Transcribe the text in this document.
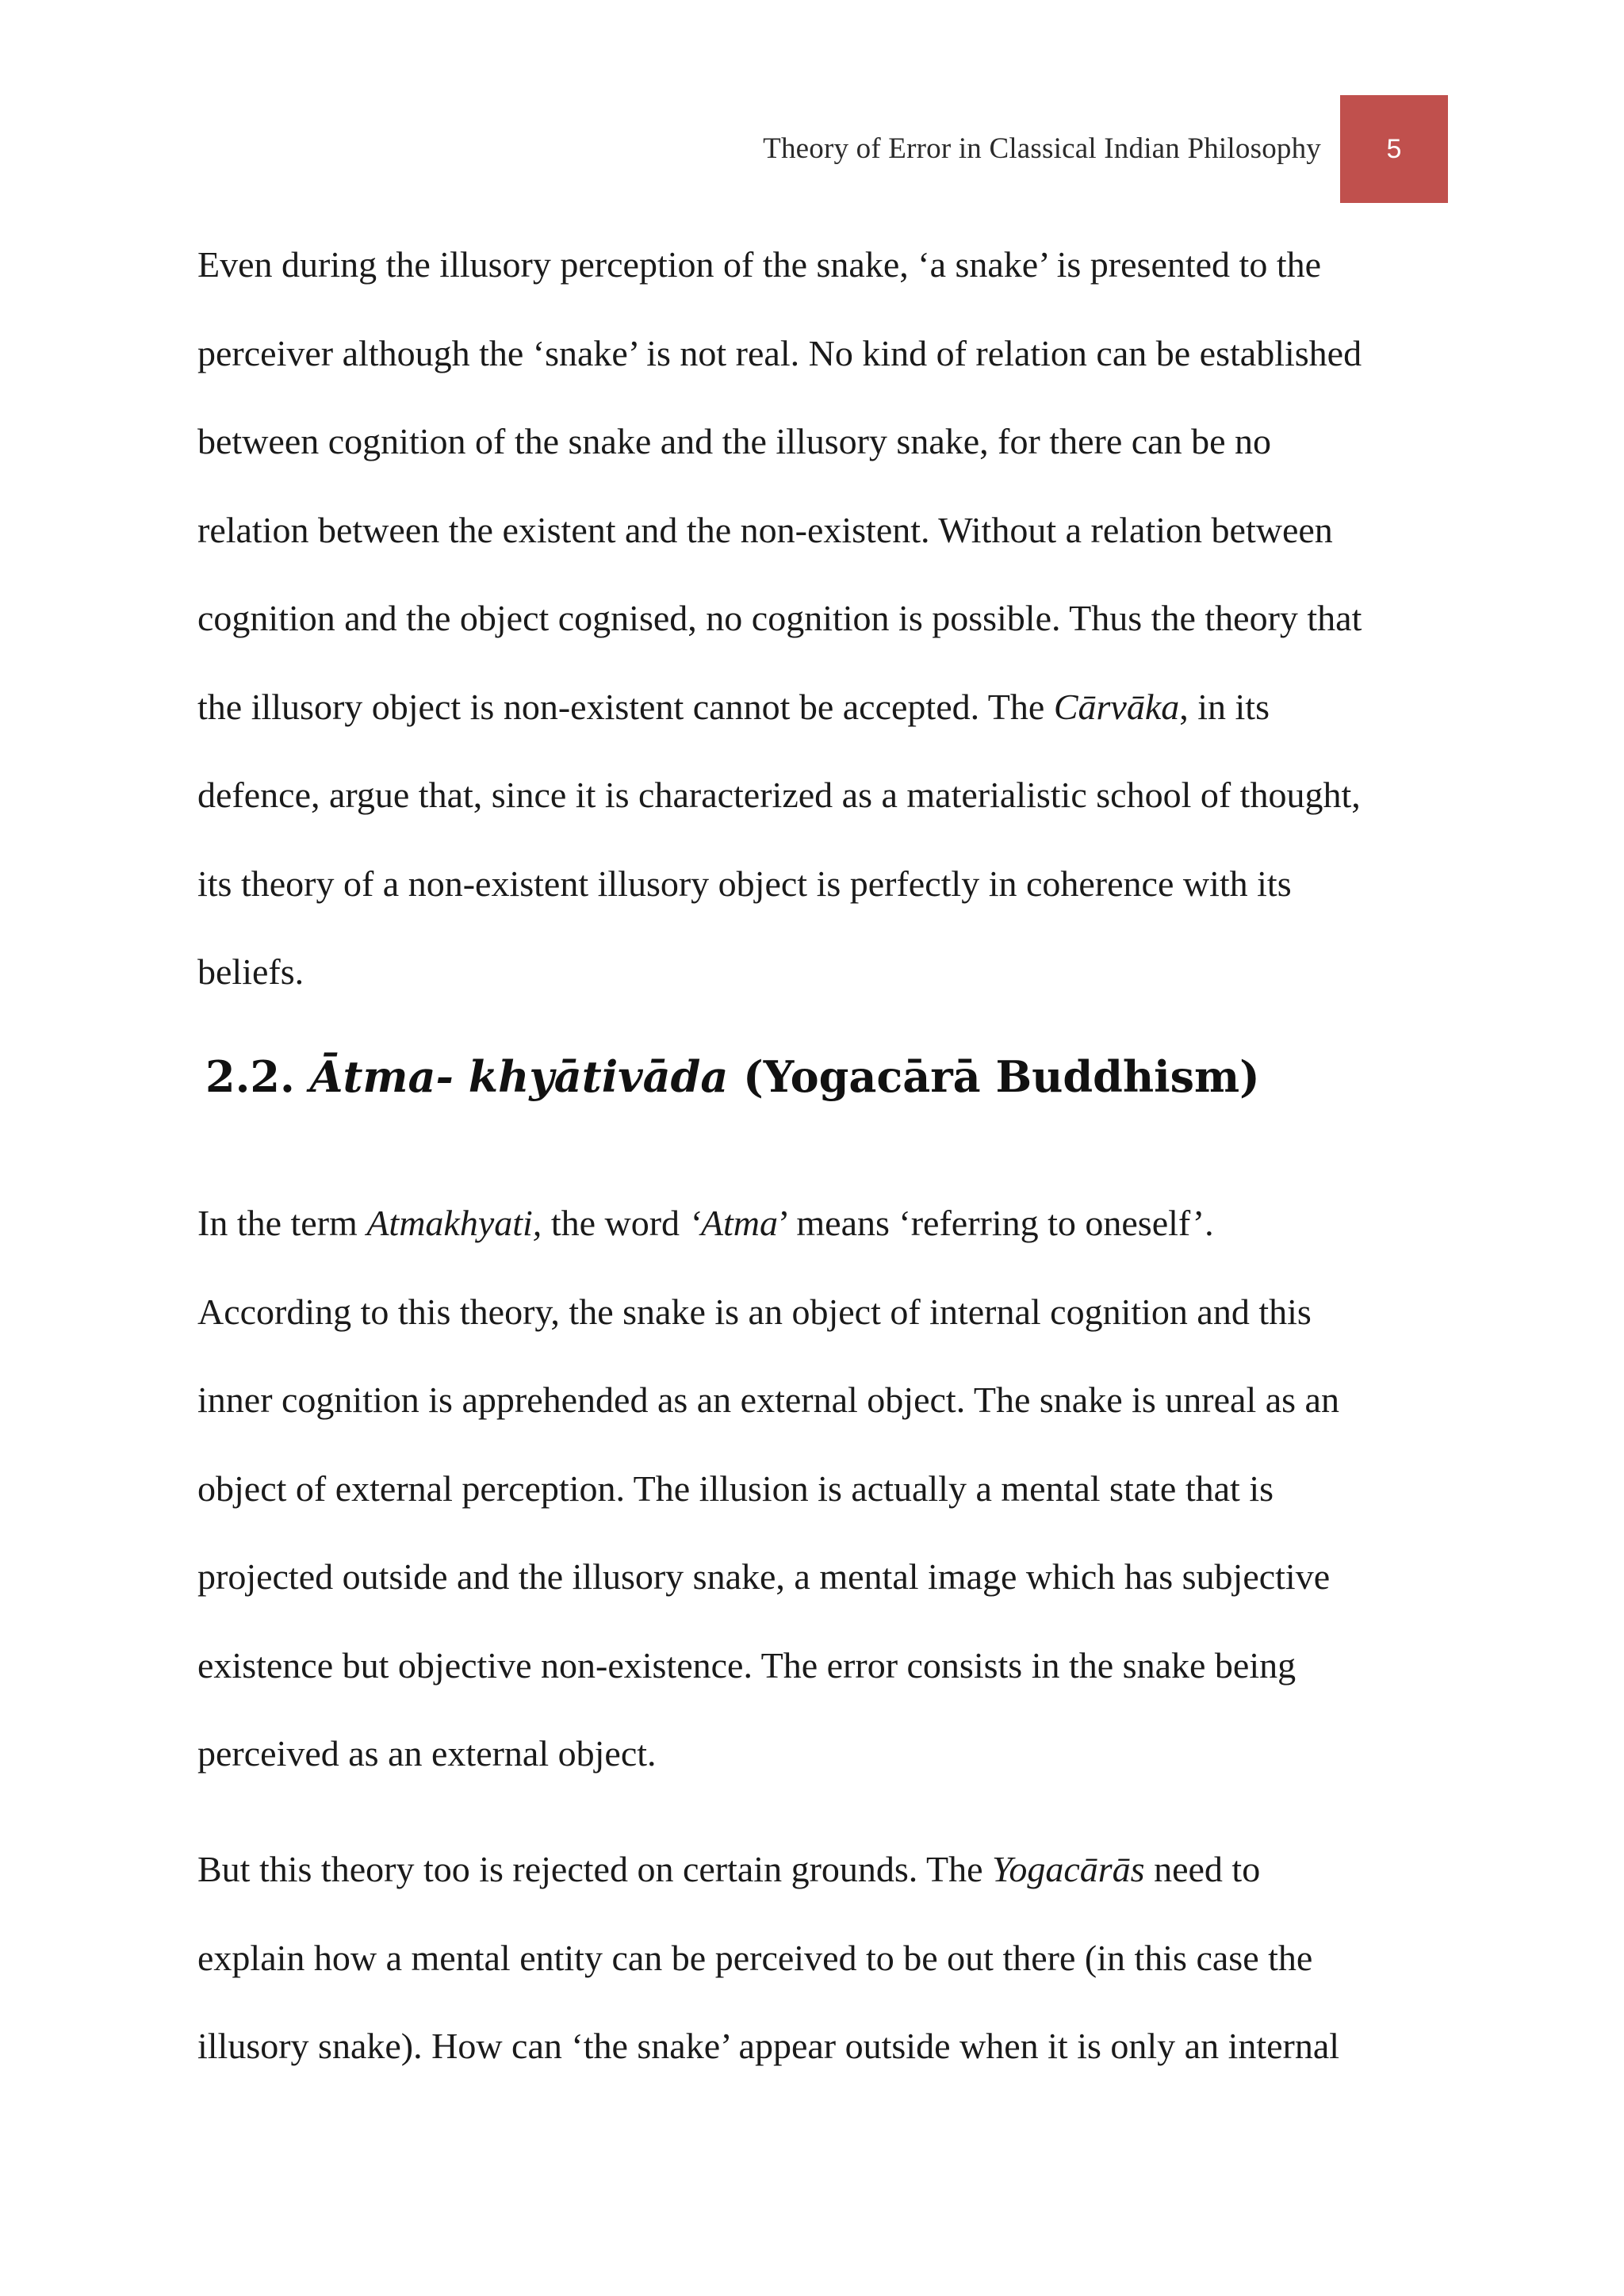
Theory of Error in Classical Indian Philosophy 5
Even during the illusory perception of the snake, ‘a snake’ is presented to the
perceiver although the ‘snake’ is not real. No kind of relation can be established
between cognition of the snake and the illusory snake, for there can be no
relation between the existent and the non-existent. Without a relation between
cognition and the object cognised, no cognition is possible. Thus the theory that
the illusory object is non-existent cannot be accepted. The Cārvāka, in its
defence, argue that, since it is characterized as a materialistic school of thought,
its theory of a non-existent illusory object is perfectly in coherence with its
beliefs.
2.2. Ātma- khyātivāda (Yogacārā Buddhism)
In the term Atmakhyati, the word ‘Atma’ means ‘referring to oneself’.
According to this theory, the snake is an object of internal cognition and this
inner cognition is apprehended as an external object. The snake is unreal as an
object of external perception. The illusion is actually a mental state that is
projected outside and the illusory snake, a mental image which has subjective
existence but objective non-existence. The error consists in the snake being
perceived as an external object.
But this theory too is rejected on certain grounds. The Yogacārās need to
explain how a mental entity can be perceived to be out there (in this case the
illusory snake). How can ‘the snake’ appear outside when it is only an internal
